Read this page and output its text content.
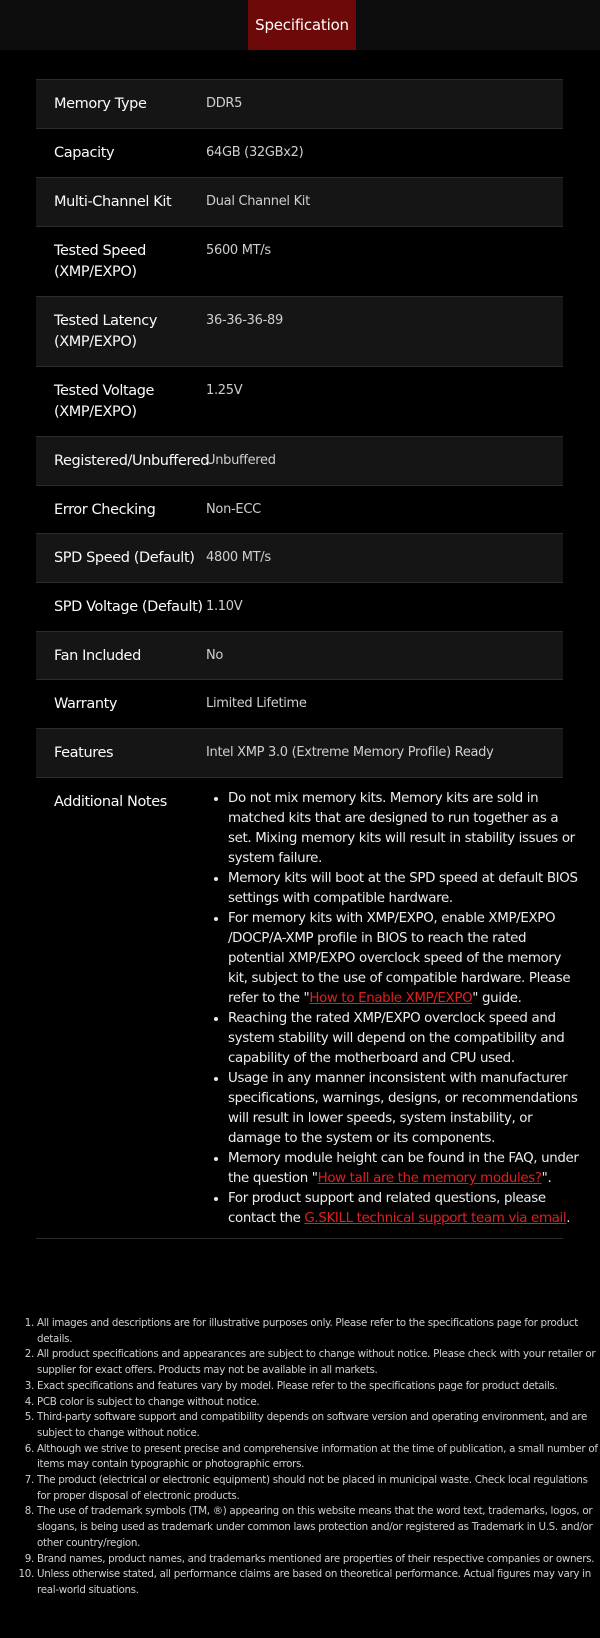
Specification
Memory Type	DDR5
Capacity	64GB (32GBx2)
Multi-Channel Kit	Dual Channel Kit
Tested Speed
(XMP/EXPO)
5600 MT/s
Tested Latency
(XMP/EXPO)
36-36-36-89
Tested Voltage
(XMP/EXPO)
1.25V
Registered/Unbuffered
Unbuffered
Error Checking	Non-ECC
SPD Speed (Default) 4800 MT/s
SPD Voltage (Default) 1.10V
Fan Included	No
Warranty	Limited Lifetime
Features	Intel XMP 3.0 (Extreme Memory Profile) Ready
Additional Notes
•	Do not mix memory kits. Memory kits are sold in matched kits that are designed to run together as a set. Mixing memory kits will result in stability issues or system failure.
• Memory kits will boot at the SPD speed at default BIOS settings with compatible hardware.
• For memory kits with XMP/EXPO, enable XMP/EXPO /DOCP/A-XMP profile in BIOS to reach the rated potential XMP/EXPO overclock speed of the memory kit, subject to the use of compatible hardware. Please refer to the "How to Enable XMP/EXPO" guide.
• Reaching the rated XMP/EXPO overclock speed and system stability will depend on the compatibility and capability of the motherboard and CPU used.
• Usage in any manner inconsistent with manufacturer specifications, warnings, designs, or recommendations will result in lower speeds, system instability, or damage to the system or its components.
• Memory module height can be found in the FAQ, under the question "How tall are the memory modules?".
• For product support and related questions, please contact the G.SKILL technical support team via email.
1. All images and descriptions are for illustrative purposes only. Please refer to the specifications page for product details.
2. All product specifications and appearances are subject to change without notice. Please check with your retailer or supplier for exact offers. Products may not be available in all markets.
3. Exact specifications and features vary by model. Please refer to the specifications page for product details.
4. PCB color is subject to change without notice.
5. Third-party software support and compatibility depends on software version and operating environment, and are subject to change without notice.
6. Although we strive to present precise and comprehensive information at the time of publication, a small number of items may contain typographic or photographic errors.
7. The product (electrical or electronic equipment) should not be placed in municipal waste. Check local regulations for proper disposal of electronic products.
8. The use of trademark symbols (TM, ®) appearing on this website means that the word text, trademarks, logos, or slogans, is being used as trademark under common laws protection and/or registered as Trademark in U.S. and/or other country/region.
9. Brand names, product names, and trademarks mentioned are properties of their respective companies or owners.
10. Unless otherwise stated, all performance claims are based on theoretical performance. Actual figures may vary in real-world situations.
